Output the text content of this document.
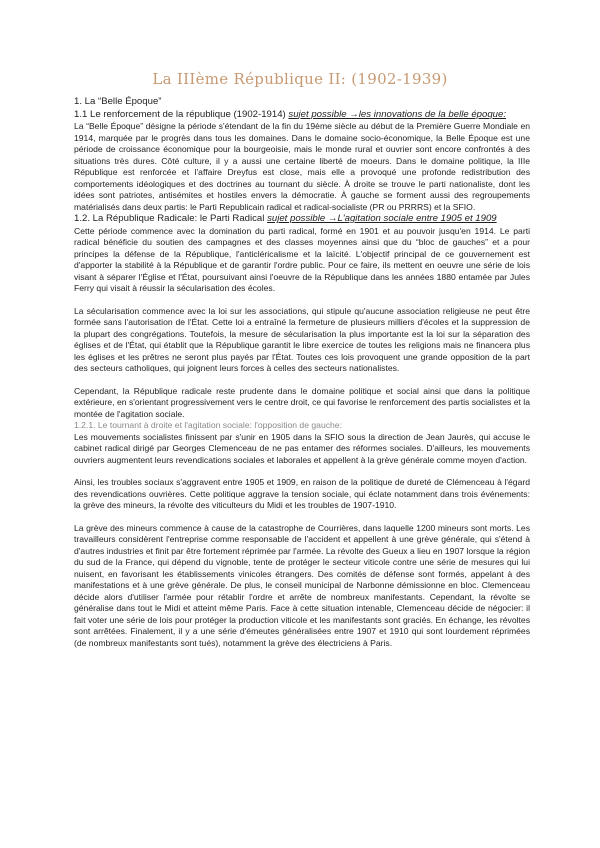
La IIIème République II: (1902-1939)

1. La “Belle Époque”

1.1 Le renforcement de la république (1902-1914) sujet possible →les innovations de la belle époque:

La “Belle Époque” désigne la période s'étendant de la fin du 19ème siècle au début de la Première Guerre Mondiale en 1914, marquée par le progrès dans tous les domaines. Dans le domaine socio-économique, la Belle Époque est une période de croissance économique pour la bourgeoisie, mais le monde rural et ouvrier sont encore confrontés à des situations très dures. Côté culture, il y a aussi une certaine liberté de moeurs. Dans le domaine politique, la IIIe République est renforcée et l'affaire Dreyfus est close, mais elle a provoqué une profonde redistribution des comportements idéologiques et des doctrines au tournant du siècle. À droite se trouve le parti nationaliste, dont les idées sont patriotes, antisémites et hostiles envers la démocratie. À gauche se forment aussi des regroupements matérialisés dans deux partis: le Parti Republicain radical et radical-socialiste (PR ou PRRRS) et la SFIO.

1.2. La République Radicale: le Parti Radical sujet possible →L'agitation sociale entre 1905 et 1909

Cette période commence avec la domination du parti radical, formé en 1901 et au pouvoir jusqu'en 1914. Le parti radical bénéficie du soutien des campagnes et des classes moyennes ainsi que du “bloc de gauches” et a pour principes la défense de la République, l'anticléricalisme et la laïcité. L'objectif principal de ce gouvernement est d'apporter la stabilité à la République et de garantir l'ordre public. Pour ce faire, ils mettent en oeuvre une série de lois visant à séparer l'Église et l'État, poursuivant ainsi l'oeuvre de la République dans les années 1880 entamée par Jules Ferry qui visait à réussir la sécularisation des écoles.

La sécularisation commence avec la loi sur les associations, qui stipule qu'aucune association religieuse ne peut être formée sans l'autorisation de l'État. Cette loi a entraîné la fermeture de plusieurs milliers d'écoles et la suppression de la plupart des congrégations. Toutefois, la mesure de sécularisation la plus importante est la loi sur la séparation des églises et de l'État, qui établit que la République garantit le libre exercice de toutes les religions mais ne financera plus les églises et les prêtres ne seront plus payés par l'État. Toutes ces lois provoquent une grande opposition de la part des secteurs catholiques, qui joignent leurs forces à celles des secteurs nationalistes.

Cependant, la République radicale reste prudente dans le domaine politique et social ainsi que dans la politique extérieure, en s'orientant progressivement vers le centre droit, ce qui favorise le renforcement des partis socialistes et la montée de l'agitation sociale.

1.2.1. Le tournant à droite et l'agitation sociale: l'opposition de gauche:

Les mouvements socialistes finissent par s'unir en 1905 dans la SFIO sous la direction de Jean Jaurès, qui accuse le cabinet radical dirigé par Georges Clemenceau de ne pas entamer des réformes sociales. D'ailleurs, les mouvements ouvriers augmentent leurs revendications sociales et laborales et appellent à la grève générale comme moyen d'action.

Ainsi, les troubles sociaux s'aggravent entre 1905 et 1909, en raison de la politique de dureté de Clémenceau à l'égard des revendications ouvrières. Cette politique aggrave la tension sociale, qui éclate notamment dans trois événements: la grève des mineurs, la révolte des viticulteurs du Midi et les troubles de 1907-1910.

La grève des mineurs commence à cause de la catastrophe de Courrières, dans laquelle 1200 mineurs sont morts. Les travailleurs considèrent l'entreprise comme responsable de l'accident et appellent à une grève générale, qui s'étend à d'autres industries et finit par être fortement réprimée par l'armée. La révolte des Gueux a lieu en 1907 lorsque la région du sud de la France, qui dépend du vignoble, tente de protéger le secteur viticole contre une série de mesures qui lui nuisent, en favorisant les établissements vinicoles étrangers. Des comités de défense sont formés, appelant à des manifestations et à une grève générale. De plus, le conseil municipal de Narbonne démissionne en bloc. Clemenceau décide alors d'utiliser l'armée pour rétablir l'ordre et arrête de nombreux manifestants. Cependant, la révolte se généralise dans tout le Midi et atteint même Paris. Face à cette situation intenable, Clemenceau décide de négocier: il fait voter une série de lois pour protéger la production viticole et les manifestants sont graciés. En échange, les révoltes sont arrêtées. Finalement, il y a une série d'émeutes généralisées entre 1907 et 1910 qui sont lourdement réprimées (de nombreux manifestants sont tués), notamment la grève des électriciens à Paris.
